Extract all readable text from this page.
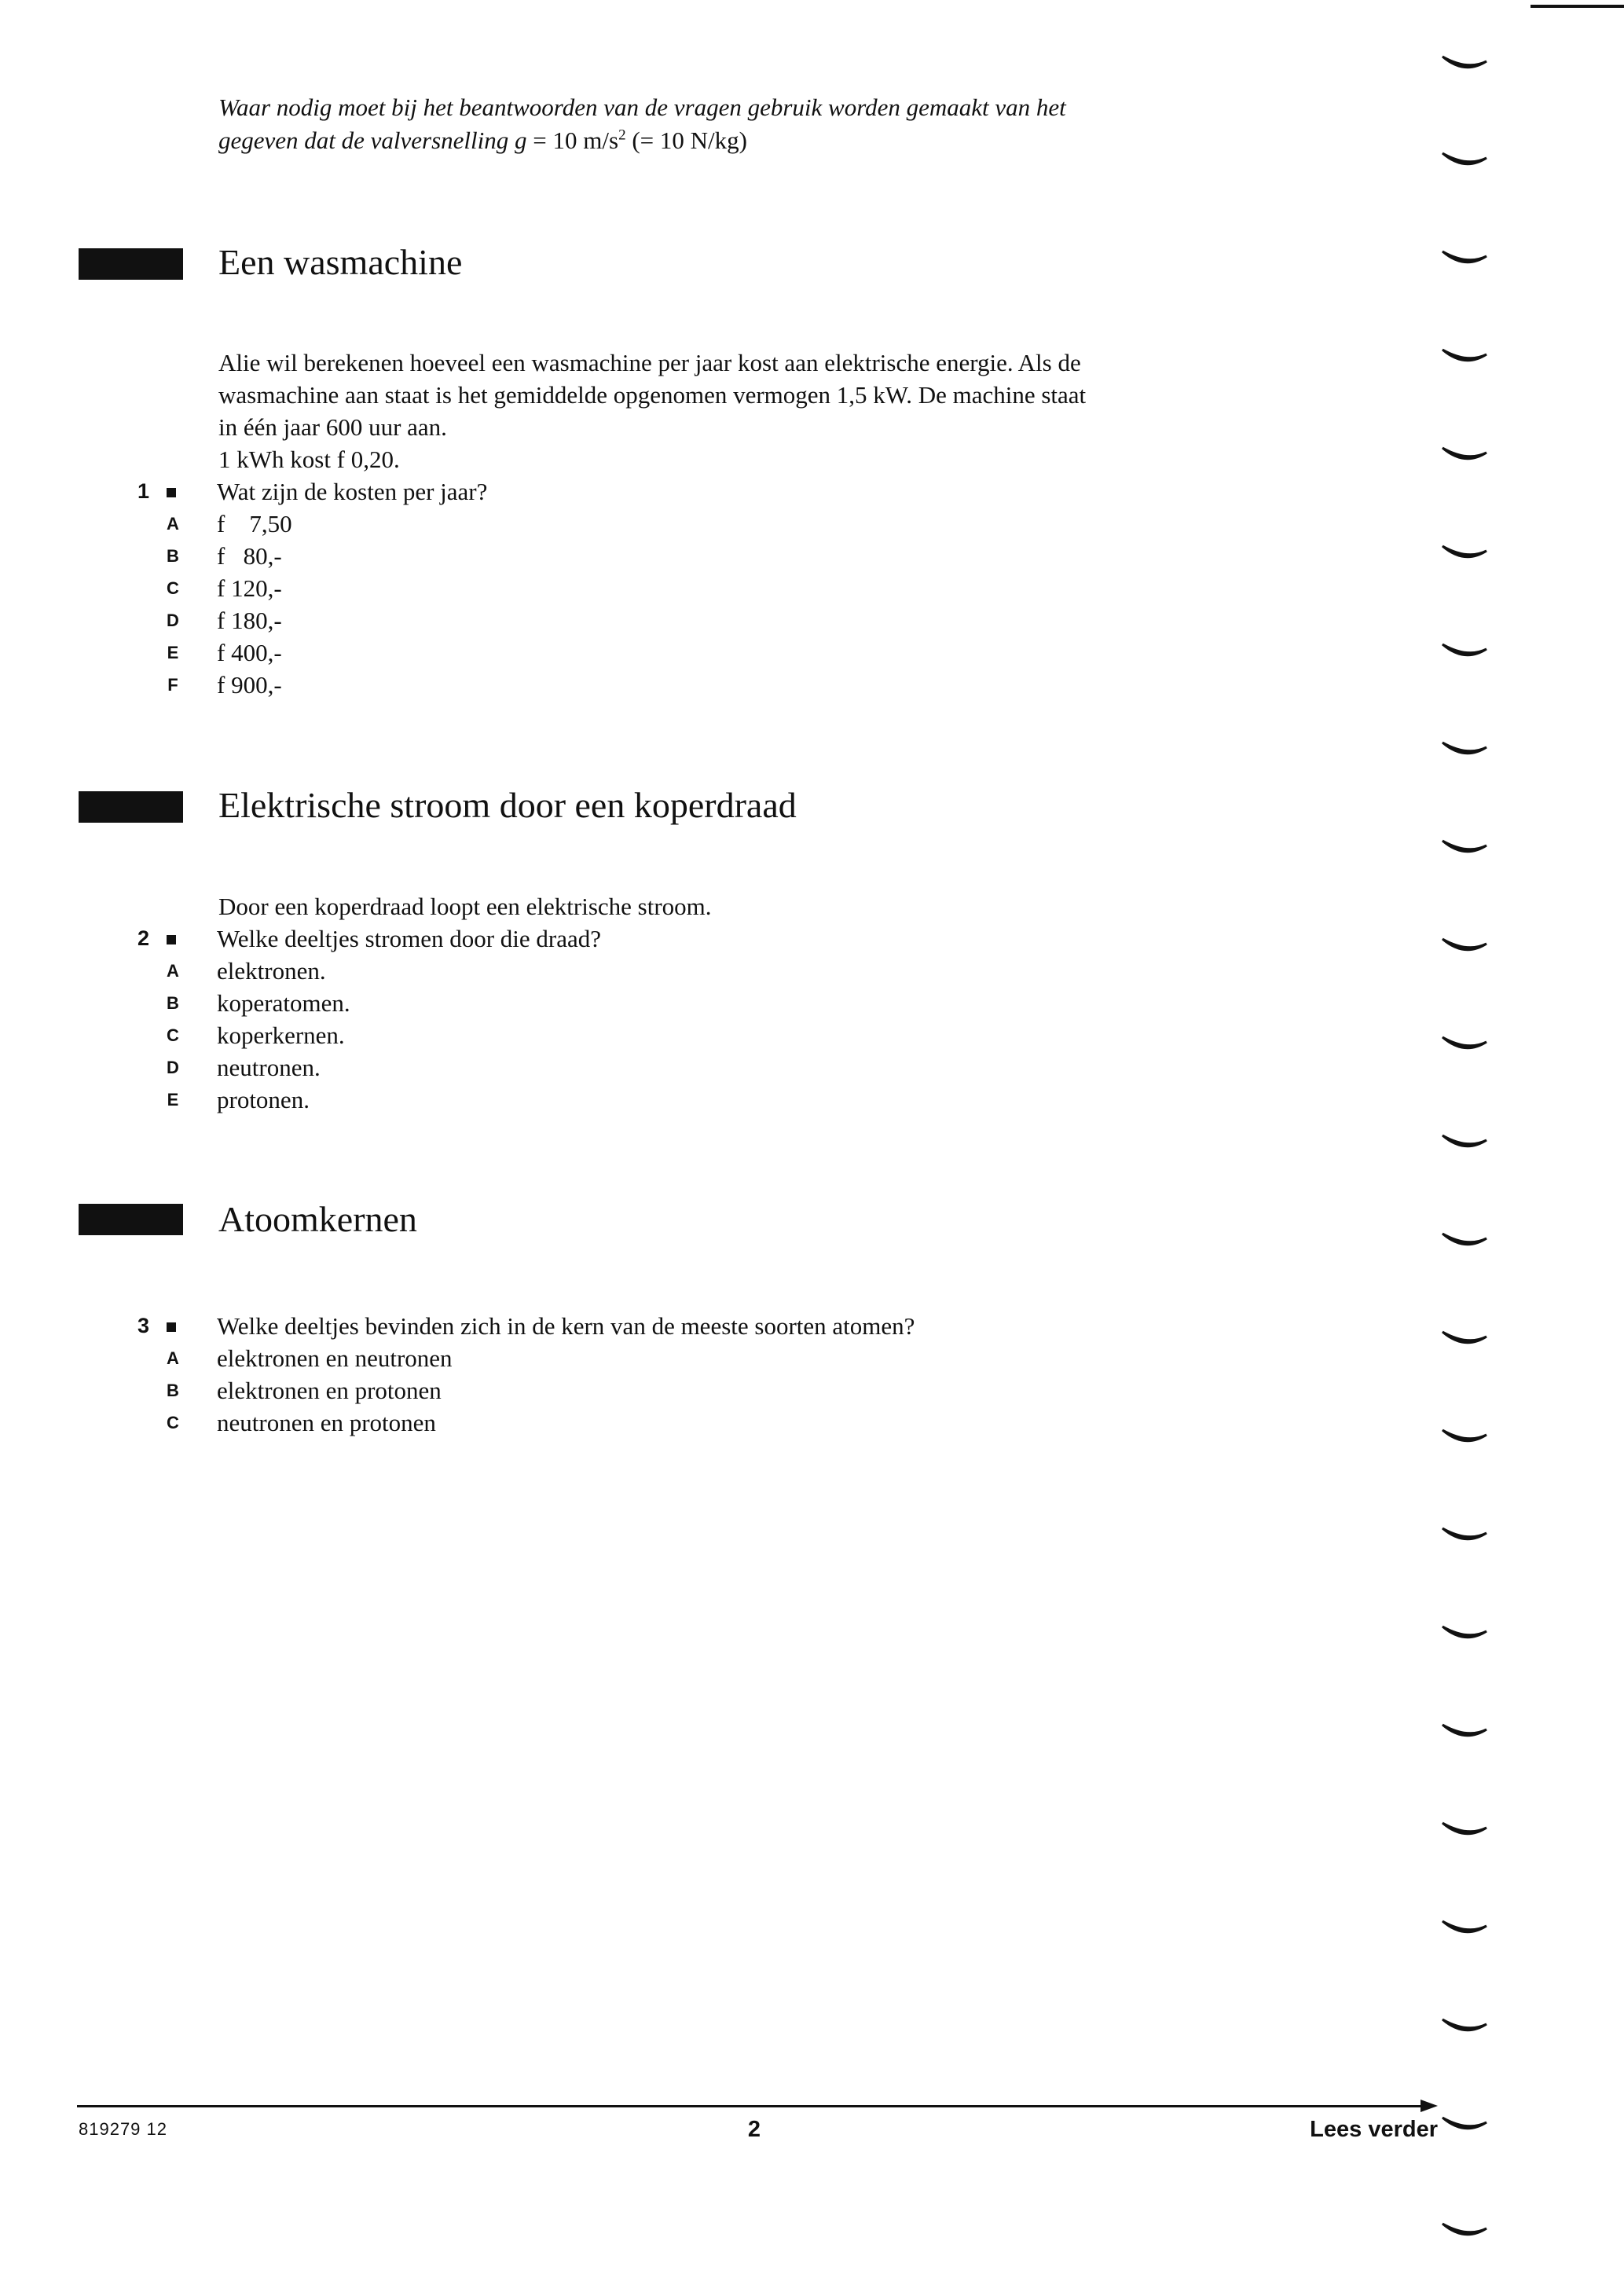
Waar nodig moet bij het beantwoorden van de vragen gebruik worden gemaakt van het
gegeven dat de valversnelling g = 10 $m/s^2$ (= 10 N/kg)
Een wasmachine
Alie wil berekenen hoeveel een wasmachine per jaar kost aan elektrische energie. Als de
wasmachine aan staat is het gemiddelde opgenomen vermogen 1,5 kW. De machine staat
in één jaar 600 uur aan.
1 kWh kost f 0,20.
1	Wat zijn de kosten per jaar?
A f    7,50
B f   80,-
C f 120,-
D f 180,-
E f 400,-
F f 900,-
Elektrische stroom door een koperdraad
Door een koperdraad loopt een elektrische stroom.
2	Welke deeltjes stromen door die draad?
A elektronen.
B koperatomen.
C koperkernen.
D neutronen.
E protonen.
Atoomkernen
3	Welke deeltjes bevinden zich in de kern van de meeste soorten atomen?
A elektronen en neutronen
B elektronen en protonen
C neutronen en protonen
819279 12	2	Lees verder
